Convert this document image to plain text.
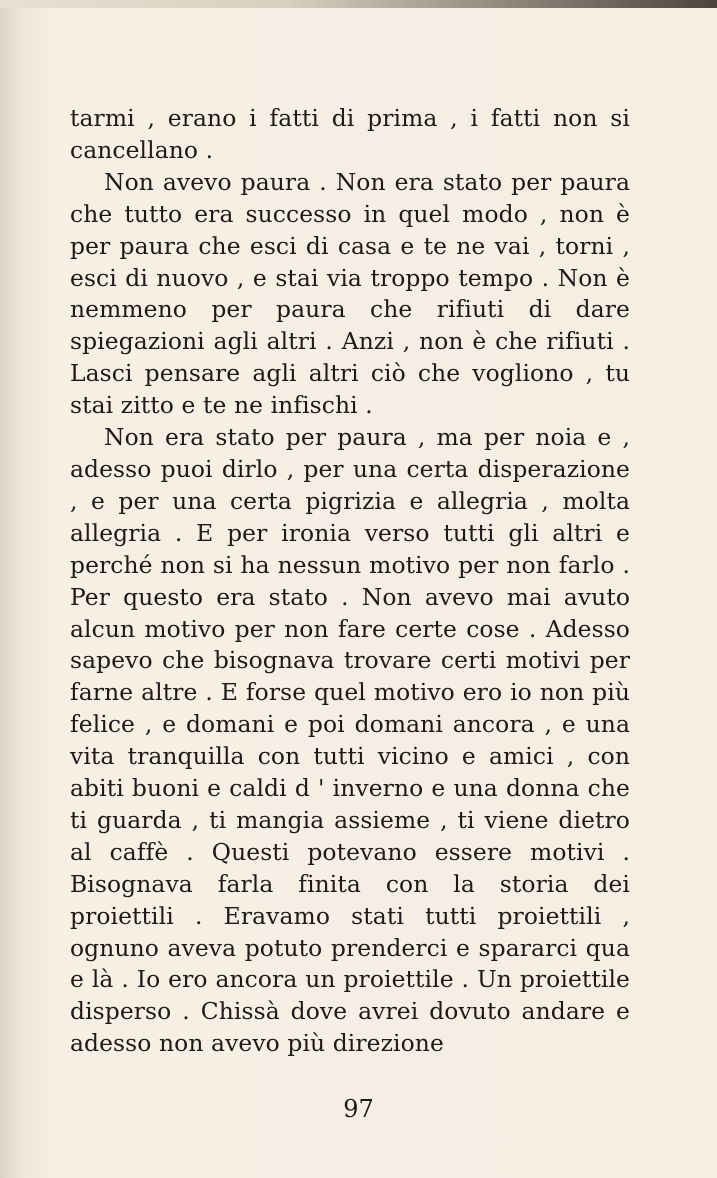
tarmi , erano i fatti di prima , i fatti non si cancellano .

Non avevo paura . Non era stato per paura che tutto era successo in quel modo , non è per paura che esci di casa e te ne vai , torni , esci di nuovo , e stai via troppo tempo . Non è nemmeno per paura che rifiuti di dare spiegazioni agli altri . Anzi , non è che rifiuti . Lasci pensare agli altri ciò che vogliono , tu stai zitto e te ne infischi .

Non era stato per paura , ma per noia e , adesso puoi dirlo , per una certa disperazione , e per una certa pigrizia e allegria , molta allegria . E per ironia verso tutti gli altri e perché non si ha nessun motivo per non farlo . Per questo era stato . Non avevo mai avuto alcun motivo per non fare certe cose . Adesso sapevo che bisognava trovare certi motivi per farne altre . E forse quel motivo ero io non più felice , e domani e poi domani ancora , e una vita tranquilla con tutti vicino e amici , con abiti buoni e caldi d ' inverno e una donna che ti guarda , ti mangia assieme , ti viene dietro al caffè . Questi potevano essere motivi . Bisognava farla finita con la storia dei proiettili . Eravamo stati tutti proiettili , ognuno aveva potuto prenderci e spararci qua e là . Io ero ancora un proiettile . Un proiettile disperso . Chissà dove avrei dovuto andare e adesso non avevo più direzione

97
